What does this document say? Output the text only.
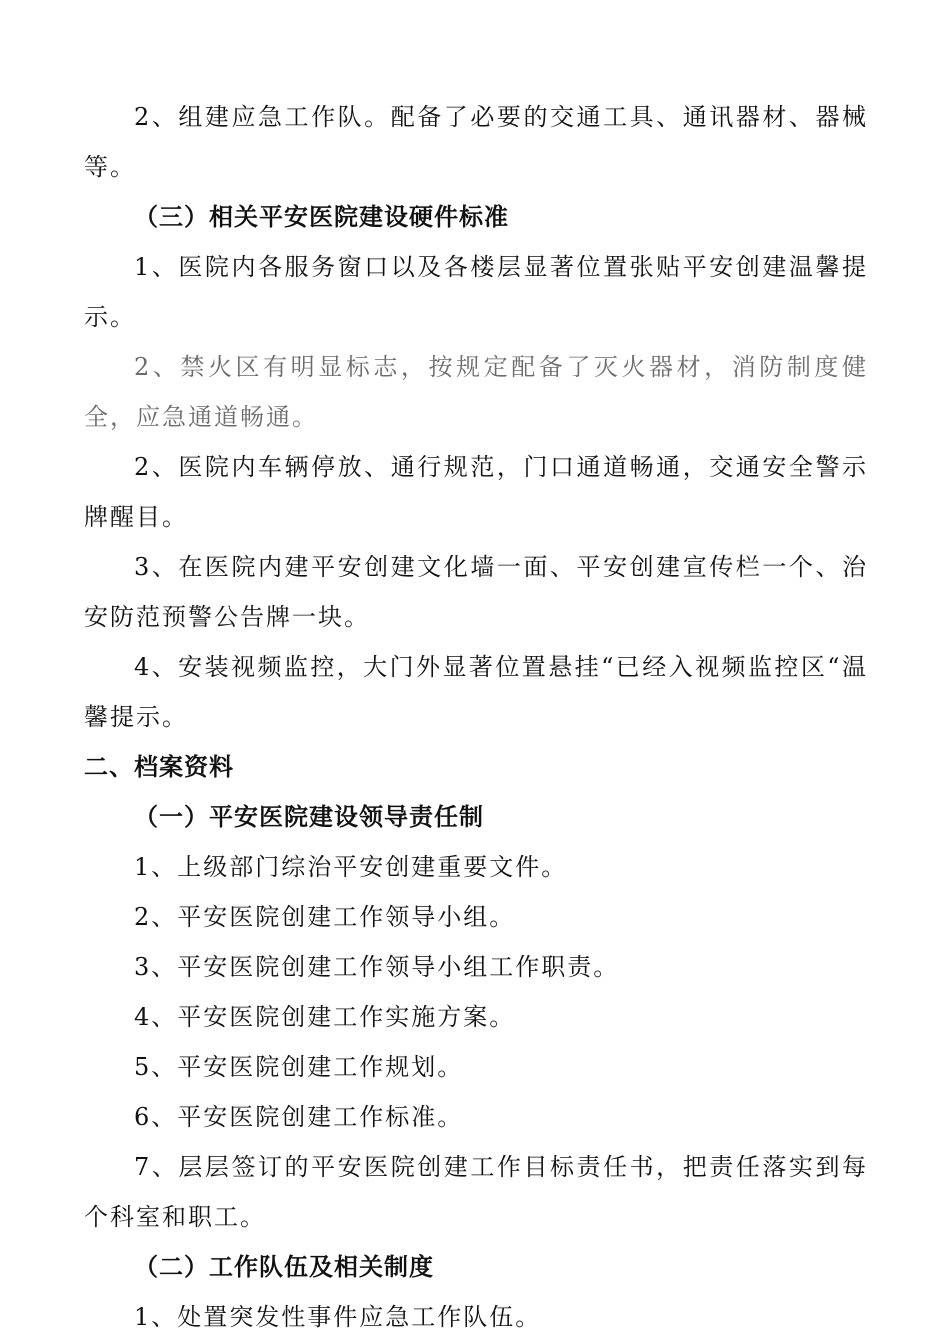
2、组建应急工作队。配备了必要的交通工具、通讯器材、器械等。

（三）相关平安医院建设硬件标准

1、医院内各服务窗口以及各楼层显著位置张贴平安创建温馨提示。

2、禁火区有明显标志，按规定配备了灭火器材，消防制度健全，应急通道畅通。

2、医院内车辆停放、通行规范，门口通道畅通，交通安全警示牌醒目。

3、在医院内建平安创建文化墙一面、平安创建宣传栏一个、治安防范预警公告牌一块。

4、安装视频监控，大门外显著位置悬挂“已经入视频监控区“温馨提示。

二、档案资料

（一）平安医院建设领导责任制

1、上级部门综治平安创建重要文件。

2、平安医院创建工作领导小组。

3、平安医院创建工作领导小组工作职责。

4、平安医院创建工作实施方案。

5、平安医院创建工作规划。

6、平安医院创建工作标准。

7、层层签订的平安医院创建工作目标责任书，把责任落实到每个科室和职工。

（二）工作队伍及相关制度

1、处置突发性事件应急工作队伍。
